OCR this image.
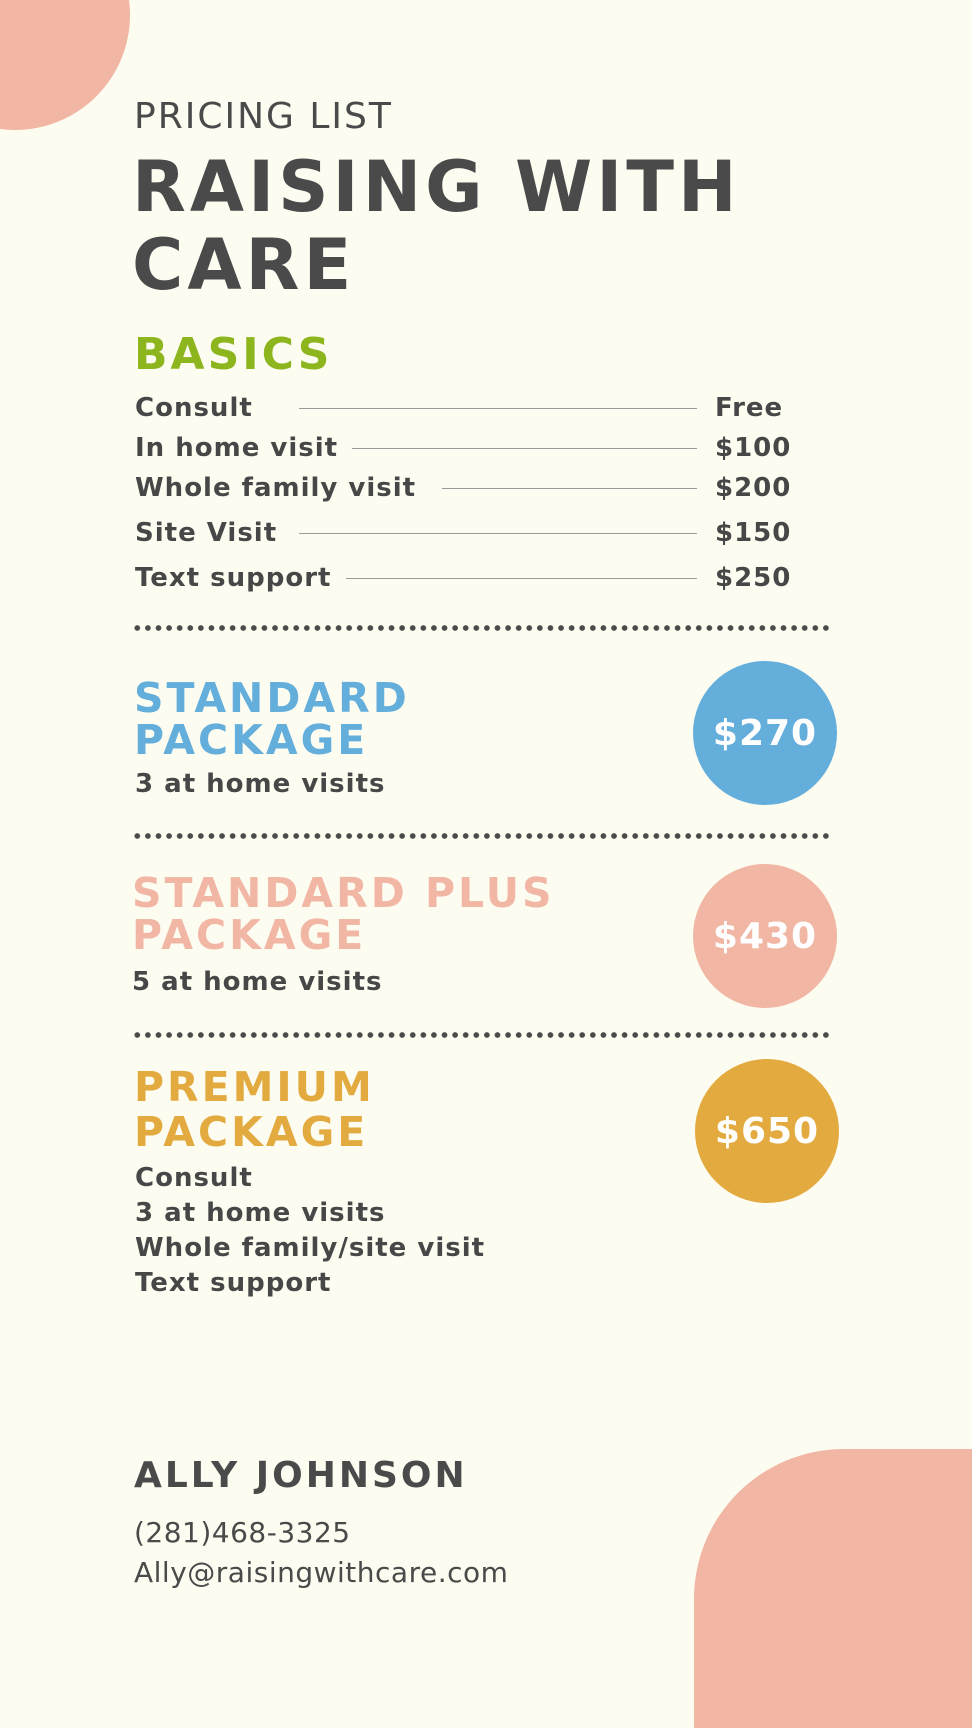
PRICING LIST
RAISING WITH CARE
BASICS
Consult	Free
In home visit	$100
Whole family visit	$200
Site Visit	$150
Text support	$250
STANDARD
PACKAGE
3 at home visits
$270
STANDARD PLUS
PACKAGE
5 at home visits
$430
PREMIUM
PACKAGE
Consult
3 at home visits
Whole family/site visit
Text support
$650
ALLY JOHNSON
(281)468-3325
Ally@raisingwithcare.com
